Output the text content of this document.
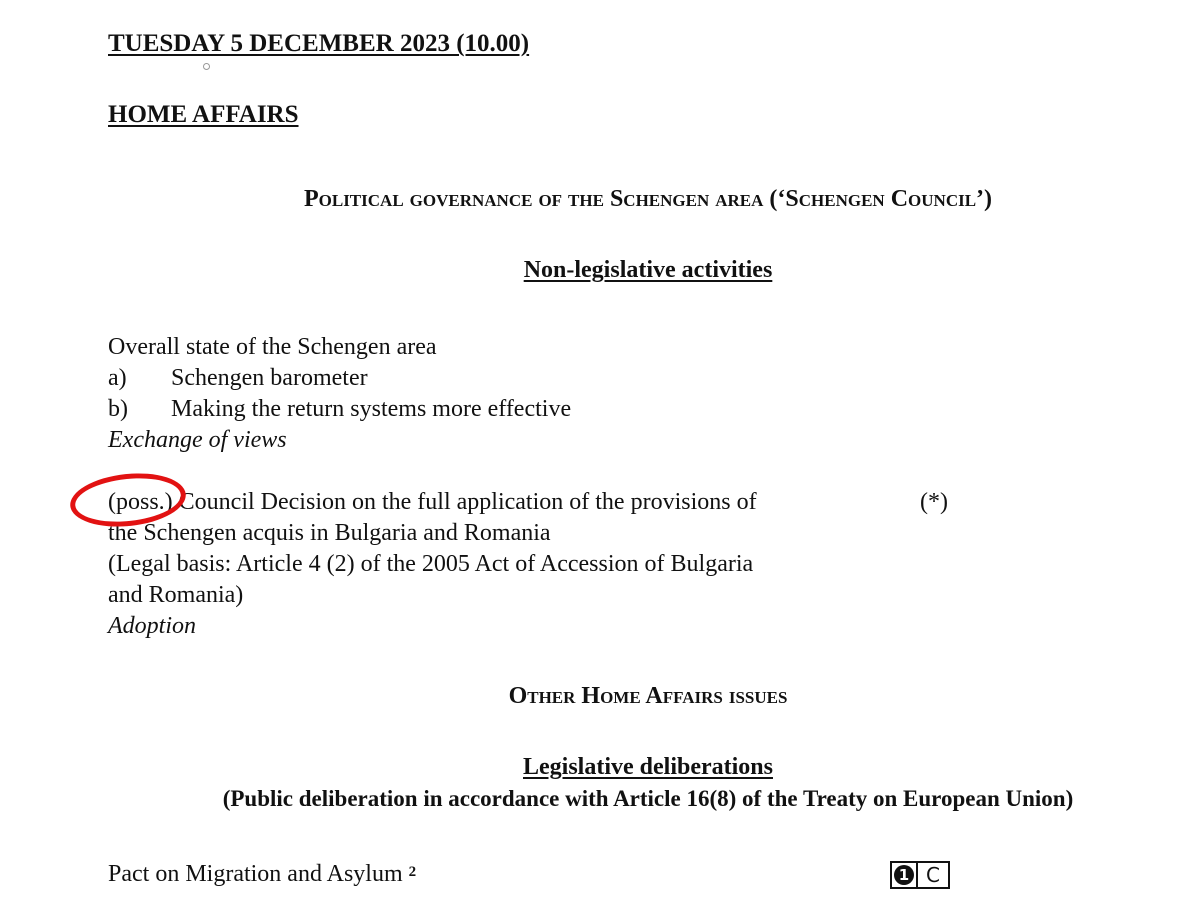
TUESDAY 5 DECEMBER 2023 (10.00)
HOME AFFAIRS
Political governance of the Schengen area (‘Schengen Council’)
Non-legislative activities
Overall state of the Schengen area
a) Schengen barometer
b) Making the return systems more effective
Exchange of views
(poss.) Council Decision on the full application of the provisions of
the Schengen acquis in Bulgaria and Romania
(Legal basis: Article 4 (2) of the 2005 Act of Accession of Bulgaria
and Romania)
Adoption
(*)
Other Home Affairs issues
Legislative deliberations
(Public deliberation in accordance with Article 16(8) of the Treaty on European Union)
Pact on Migration and Asylum $^2$	1 C
